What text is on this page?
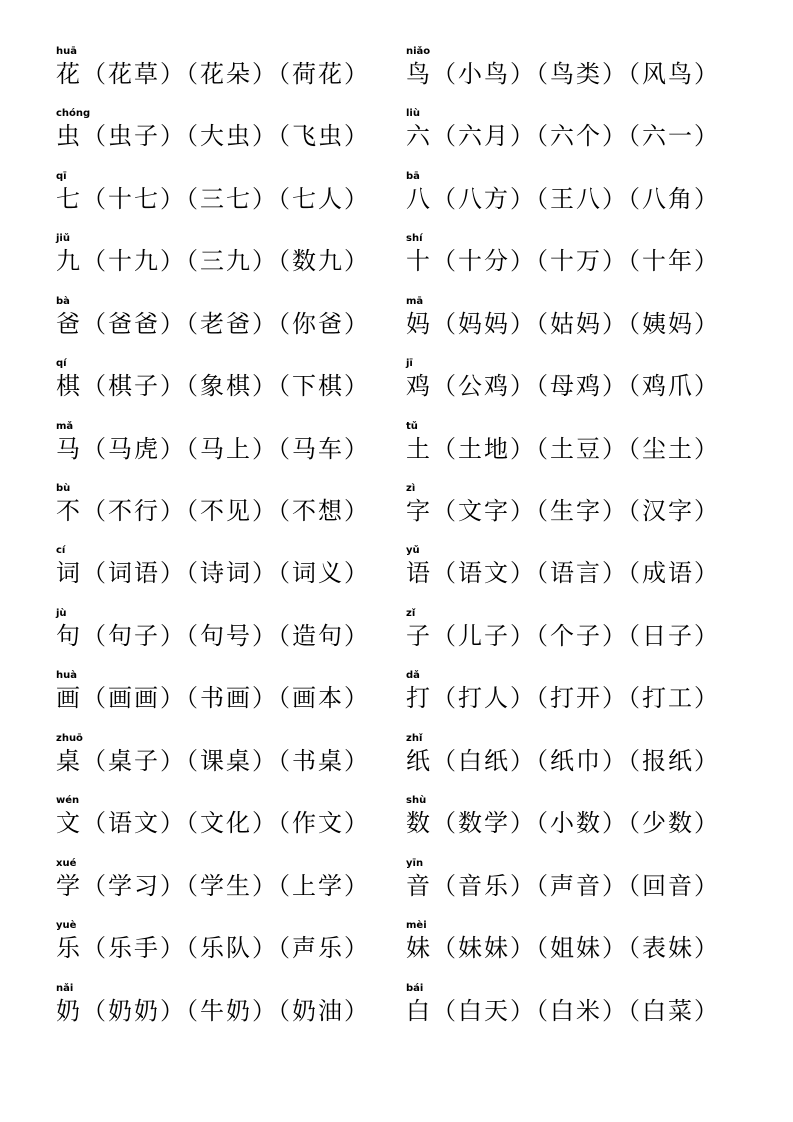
huā
花（花草）（花朵）（荷花）
niǎo
鸟（小鸟）（鸟类）（风鸟）
chóng
虫（虫子）（大虫）（飞虫）
liù
六（六月）（六个）（六一）
qī
七（十七）（三七）（七人）
bā
八（八方）（王八）（八角）
jiǔ
九（十九）（三九）（数九）
shí
十（十分）（十万）（十年）
bà
爸（爸爸）（老爸）（你爸）
mā
妈（妈妈）（姑妈）（姨妈）
qí
棋（棋子）（象棋）（下棋）
jī
鸡（公鸡）（母鸡）（鸡爪）
mǎ
马（马虎）（马上）（马车）
tǔ
土（土地）（土豆）（尘土）
bù
不（不行）（不见）（不想）
zì
字（文字）（生字）（汉字）
cí
词（词语）（诗词）（词义）
yǔ
语（语文）（语言）（成语）
jù
句（句子）（句号）（造句）
zǐ
子（儿子）（个子）（日子）
huà
画（画画）（书画）（画本）
dǎ
打（打人）（打开）（打工）
zhuō
桌（桌子）（课桌）（书桌）
zhǐ
纸（白纸）（纸巾）（报纸）
wén
文（语文）（文化）（作文）
shù
数（数学）（小数）（少数）
xué
学（学习）（学生）（上学）
yīn
音（音乐）（声音）（回音）
yuè
乐（乐手）（乐队）（声乐）
mèi
妹（妹妹）（姐妹）（表妹）
nǎi
奶（奶奶）（牛奶）（奶油）
bái
白（白天）（白米）（白菜）
